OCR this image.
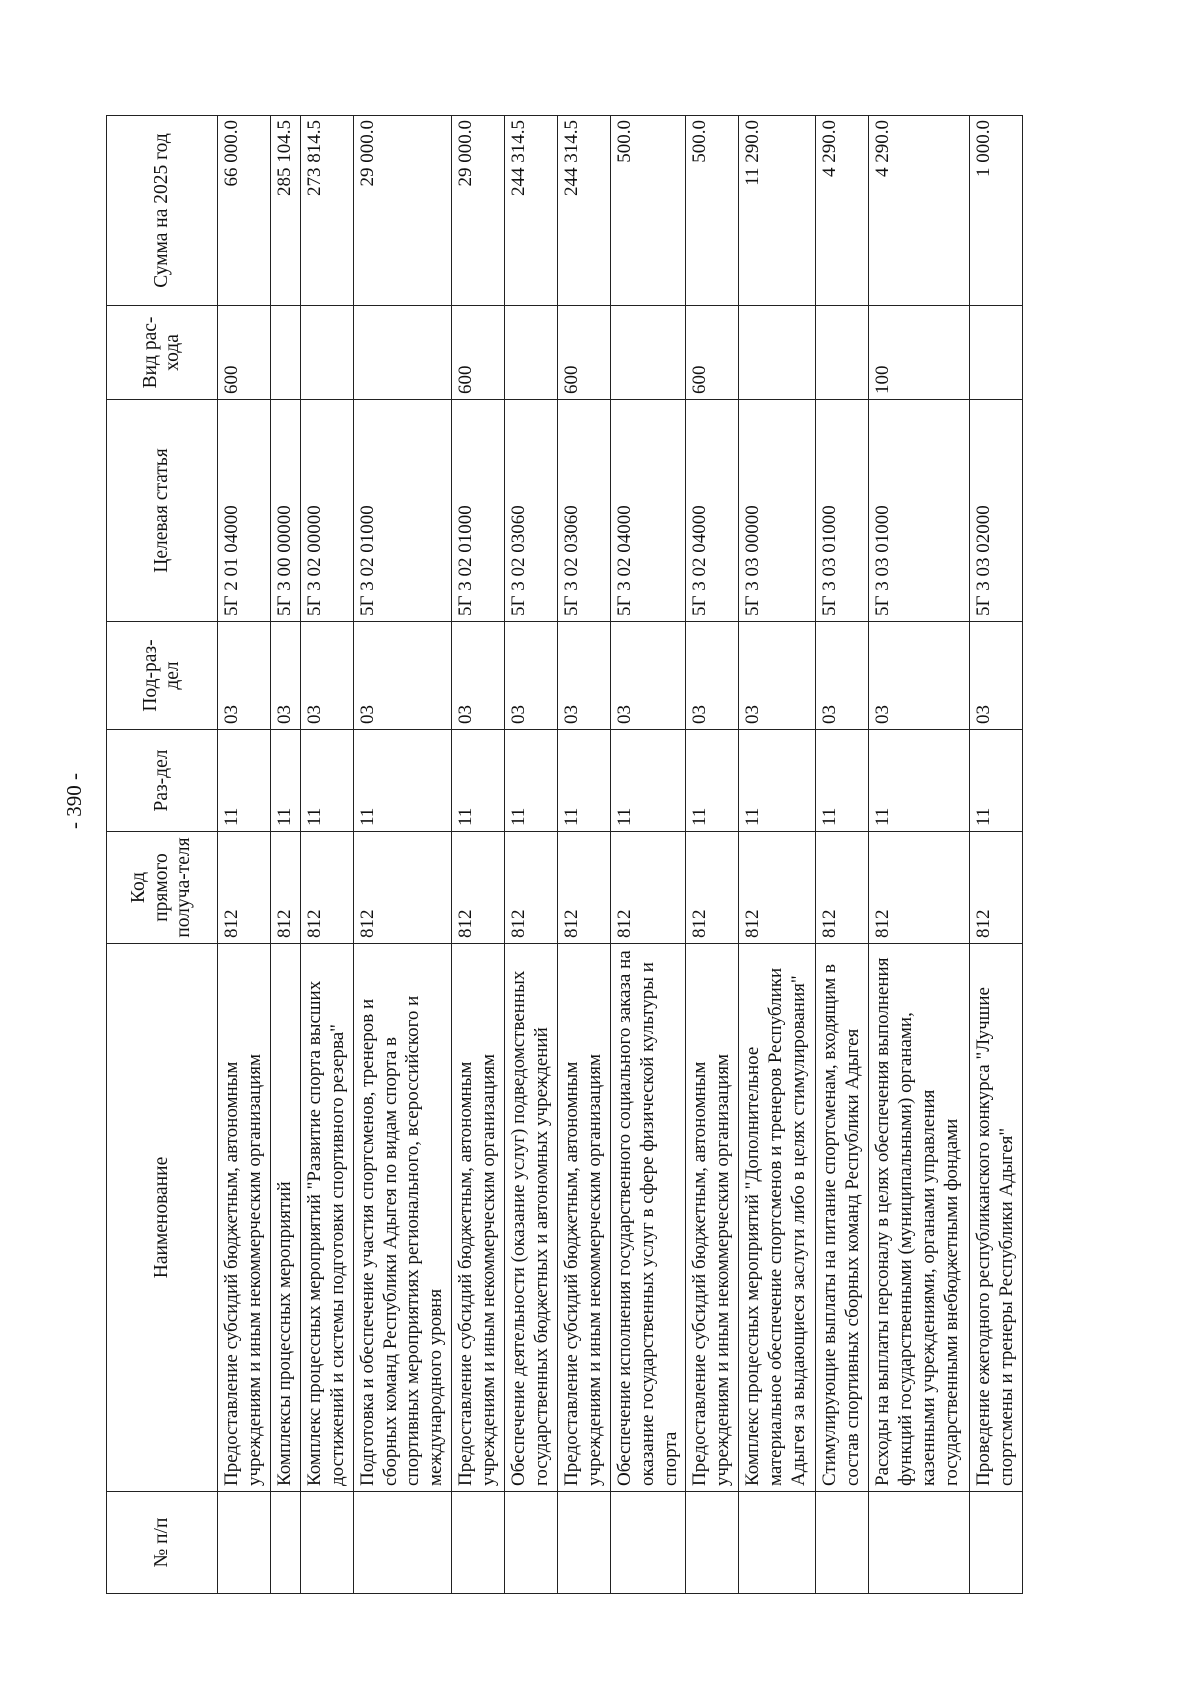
- 390 -
№ п/п	Наименование	Код прямого получа-теля	Раз-дел	Под-раз-дел	Целевая статья	Вид рас-хода	Сумма на 2025 год
	Предоставление субсидий бюджетным, автономным учреждениям и иным некоммерческим организациям	812	11	03	5Г 2 01 04000	600	66 000.0
	Комплексы процессных мероприятий	812	11	03	5Г 3 00 00000		285 104.5
	Комплекс процессных мероприятий "Развитие спорта высших достижений и системы подготовки спортивного резерва"	812	11	03	5Г 3 02 00000		273 814.5
	Подготовка и обеспечение участия спортсменов, тренеров и сборных команд Республики Адыгея по видам спорта в спортивных мероприятиях регионального, всероссийского и международного уровня	812	11	03	5Г 3 02 01000		29 000.0
	Предоставление субсидий бюджетным, автономным учреждениям и иным некоммерческим организациям	812	11	03	5Г 3 02 01000	600	29 000.0
	Обеспечение деятельности (оказание услуг) подведомственных государственных бюджетных и автономных учреждений	812	11	03	5Г 3 02 03060		244 314.5
	Предоставление субсидий бюджетным, автономным учреждениям и иным некоммерческим организациям	812	11	03	5Г 3 02 03060	600	244 314.5
	Обеспечение исполнения государственного социального заказа на оказание государственных услуг в сфере физической культуры и спорта	812	11	03	5Г 3 02 04000		500.0
	Предоставление субсидий бюджетным, автономным учреждениям и иным некоммерческим организациям	812	11	03	5Г 3 02 04000	600	500.0
	Комплекс процессных мероприятий "Дополнительное материальное обеспечение спортсменов и тренеров Республики Адыгея за выдающиеся заслуги либо в целях стимулирования"	812	11	03	5Г 3 03 00000		11 290.0
	Стимулирующие выплаты на питание спортсменам, входящим в состав спортивных сборных команд Республики Адыгея	812	11	03	5Г 3 03 01000		4 290.0
	Расходы на выплаты персоналу в целях обеспечения выполнения функций государственными (муниципальными) органами, казенными учреждениями, органами управления государственными внебюджетными фондами	812	11	03	5Г 3 03 01000	100	4 290.0
	Проведение ежегодного республиканского конкурса "Лучшие спортсмены и тренеры Республики Адыгея"	812	11	03	5Г 3 03 02000		1 000.0
